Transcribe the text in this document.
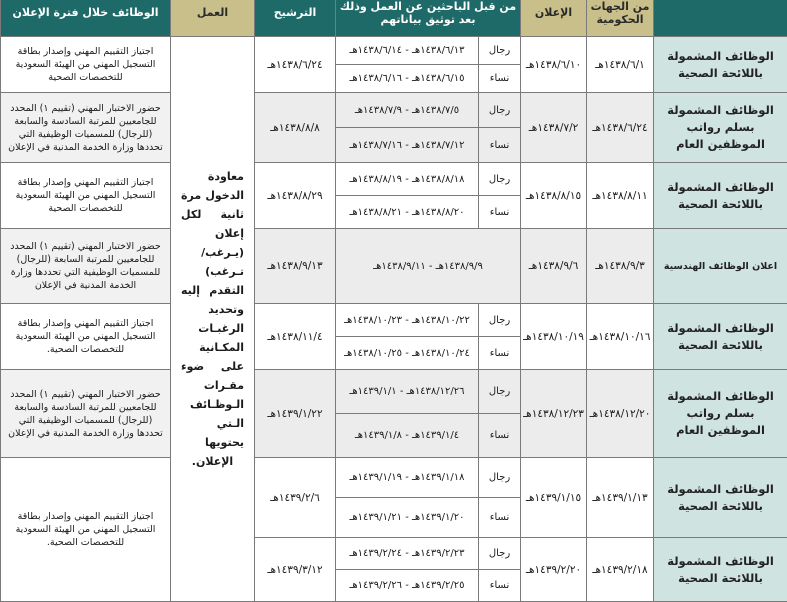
الوظائف خلال فترة الإعلان	العمل	الترشيح	من قبل الباحثين عن العمل وذلك بعد توثيق بياناتهم		الإعلان	من الجهات الحكومية	
اجتياز التقييم المهني وإصدار بطاقة التسجيل المهني من الهيئة السعودية للتخصصات الصحية	معاودة الدخول مرة ثانية لكل إعلان (يـرغب/ تـرغب) التقدم إليه وتحديد الرغبـات المكـانية على ضوء مقـرات الـوظـائف الـتي يحتويها الإعلان.	١٤٣٨/٦/٢٤هـ	١٤٣٨/٦/١٣هـ - ١٤٣٨/٦/١٤هـ	رجال	١٤٣٨/٦/١٠هـ	١٤٣٨/٦/١هـ	الوظائف المشمولة باللائحة الصحية
			١٤٣٨/٦/١٥هـ - ١٤٣٨/٦/١٦هـ	نساء			
حضور الاختبار المهني (تقييم ١) المحدد للجامعيين للمرتبة السادسة والسابعة (للرجال) للمسميات الوظيفية التي تحددها وزارة الخدمة المدنية في الإعلان		١٤٣٨/٨/٨هـ	١٤٣٨/٧/٥هـ - ١٤٣٨/٧/٩هـ	رجال	١٤٣٨/٧/٢هـ	١٤٣٨/٦/٢٤هـ	الوظائف المشمولة بسلم رواتب الموظفين العام
			١٤٣٨/٧/١٢هـ - ١٤٣٨/٧/١٦هـ	نساء			
اجتياز التقييم المهني وإصدار بطاقة التسجيل المهني من الهيئة السعودية للتخصصات الصحية		١٤٣٨/٨/٢٩هـ	١٤٣٨/٨/١٨هـ - ١٤٣٨/٨/١٩هـ	رجال	١٤٣٨/٨/١٥هـ	١٤٣٨/٨/١١هـ	الوظائف المشمولة باللائحة الصحية
			١٤٣٨/٨/٢٠هـ - ١٤٣٨/٨/٢١هـ	نساء			
حضور الاختبار المهني (تقييم ١) المحدد للجامعيين للمرتبة السابعة (للرجال) للمسميات الوظيفية التي تحددها وزارة الخدمة المدنية في الإعلان		١٤٣٨/٩/١٣هـ	١٤٣٨/٩/٩هـ - ١٤٣٨/٩/١١هـ		١٤٣٨/٩/٦هـ	١٤٣٨/٩/٣هـ	اعلان الوظائف الهندسية
اجتياز التقييم المهني وإصدار بطاقة التسجيل المهني من الهيئة السعودية للتخصصات الصحية.		١٤٣٨/١١/٤هـ	١٤٣٨/١٠/٢٢هـ - ١٤٣٨/١٠/٢٣هـ	رجال	١٤٣٨/١٠/١٩هـ	١٤٣٨/١٠/١٦هـ	الوظائف المشمولة باللائحة الصحية
			١٤٣٨/١٠/٢٤هـ - ١٤٣٨/١٠/٢٥هـ	نساء			
حضور الاختبار المهني (تقييم ١) المحدد للجامعيين للمرتبة السادسة والسابعة (للرجال) للمسميات الوظيفية التي تحددها وزارة الخدمة المدنية في الإعلان		١٤٣٩/١/٢٢هـ	١٤٣٨/١٢/٢٦هـ - ١٤٣٩/١/١هـ	رجال	١٤٣٨/١٢/٢٣هـ	١٤٣٨/١٢/٢٠هـ	الوظائف المشمولة بسلم رواتب الموظفين العام
			١٤٣٩/١/٤هـ - ١٤٣٩/١/٨هـ	نساء			
اجتياز التقييم المهني وإصدار بطاقة التسجيل المهني من الهيئة السعودية للتخصصات الصحية.		١٤٣٩/٢/٦هـ	١٤٣٩/١/١٨هـ - ١٤٣٩/١/١٩هـ	رجال	١٤٣٩/١/١٥هـ	١٤٣٩/١/١٣هـ	الوظائف المشمولة باللائحة الصحية
			١٤٣٩/١/٢٠هـ - ١٤٣٩/١/٢١هـ	نساء			
		١٤٣٩/٣/١٢هـ	١٤٣٩/٢/٢٣هـ - ١٤٣٩/٢/٢٤هـ	رجال	١٤٣٩/٢/٢٠هـ	١٤٣٩/٢/١٨هـ	الوظائف المشمولة باللائحة الصحية
			١٤٣٩/٢/٢٥هـ - ١٤٣٩/٢/٢٦هـ	نساء			
